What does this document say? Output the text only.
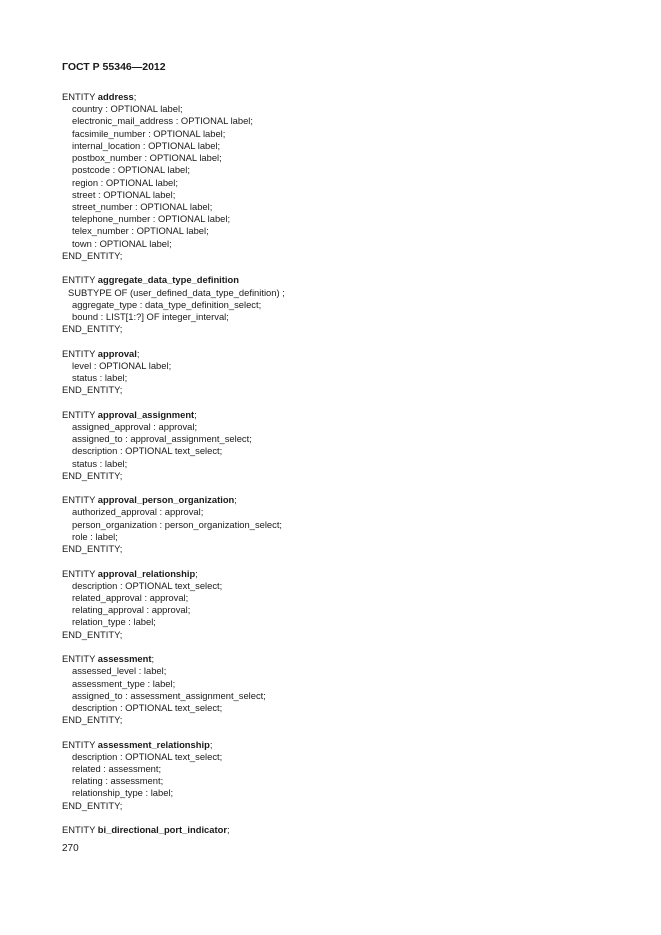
ГОСТ Р 55346—2012
ENTITY address;
country : OPTIONAL label;
electronic_mail_address : OPTIONAL label;
facsimile_number : OPTIONAL label;
internal_location : OPTIONAL label;
postbox_number : OPTIONAL label;
postcode : OPTIONAL label;
region : OPTIONAL label;
street : OPTIONAL label;
street_number : OPTIONAL label;
telephone_number : OPTIONAL label;
telex_number : OPTIONAL label;
town : OPTIONAL label;
END_ENTITY;
ENTITY aggregate_data_type_definition
SUBTYPE OF (user_defined_data_type_definition) ;
aggregate_type : data_type_definition_select;
bound : LIST[1:?] OF integer_interval;
END_ENTITY;
ENTITY approval;
level : OPTIONAL label;
status : label;
END_ENTITY;
ENTITY approval_assignment;
assigned_approval : approval;
assigned_to : approval_assignment_select;
description : OPTIONAL text_select;
status : label;
END_ENTITY;
ENTITY approval_person_organization;
authorized_approval : approval;
person_organization : person_organization_select;
role : label;
END_ENTITY;
ENTITY approval_relationship;
description : OPTIONAL text_select;
related_approval : approval;
relating_approval : approval;
relation_type : label;
END_ENTITY;
ENTITY assessment;
assessed_level : label;
assessment_type : label;
assigned_to : assessment_assignment_select;
description : OPTIONAL text_select;
END_ENTITY;
ENTITY assessment_relationship;
description : OPTIONAL text_select;
related : assessment;
relating : assessment;
relationship_type : label;
END_ENTITY;
ENTITY bi_directional_port_indicator;
270
